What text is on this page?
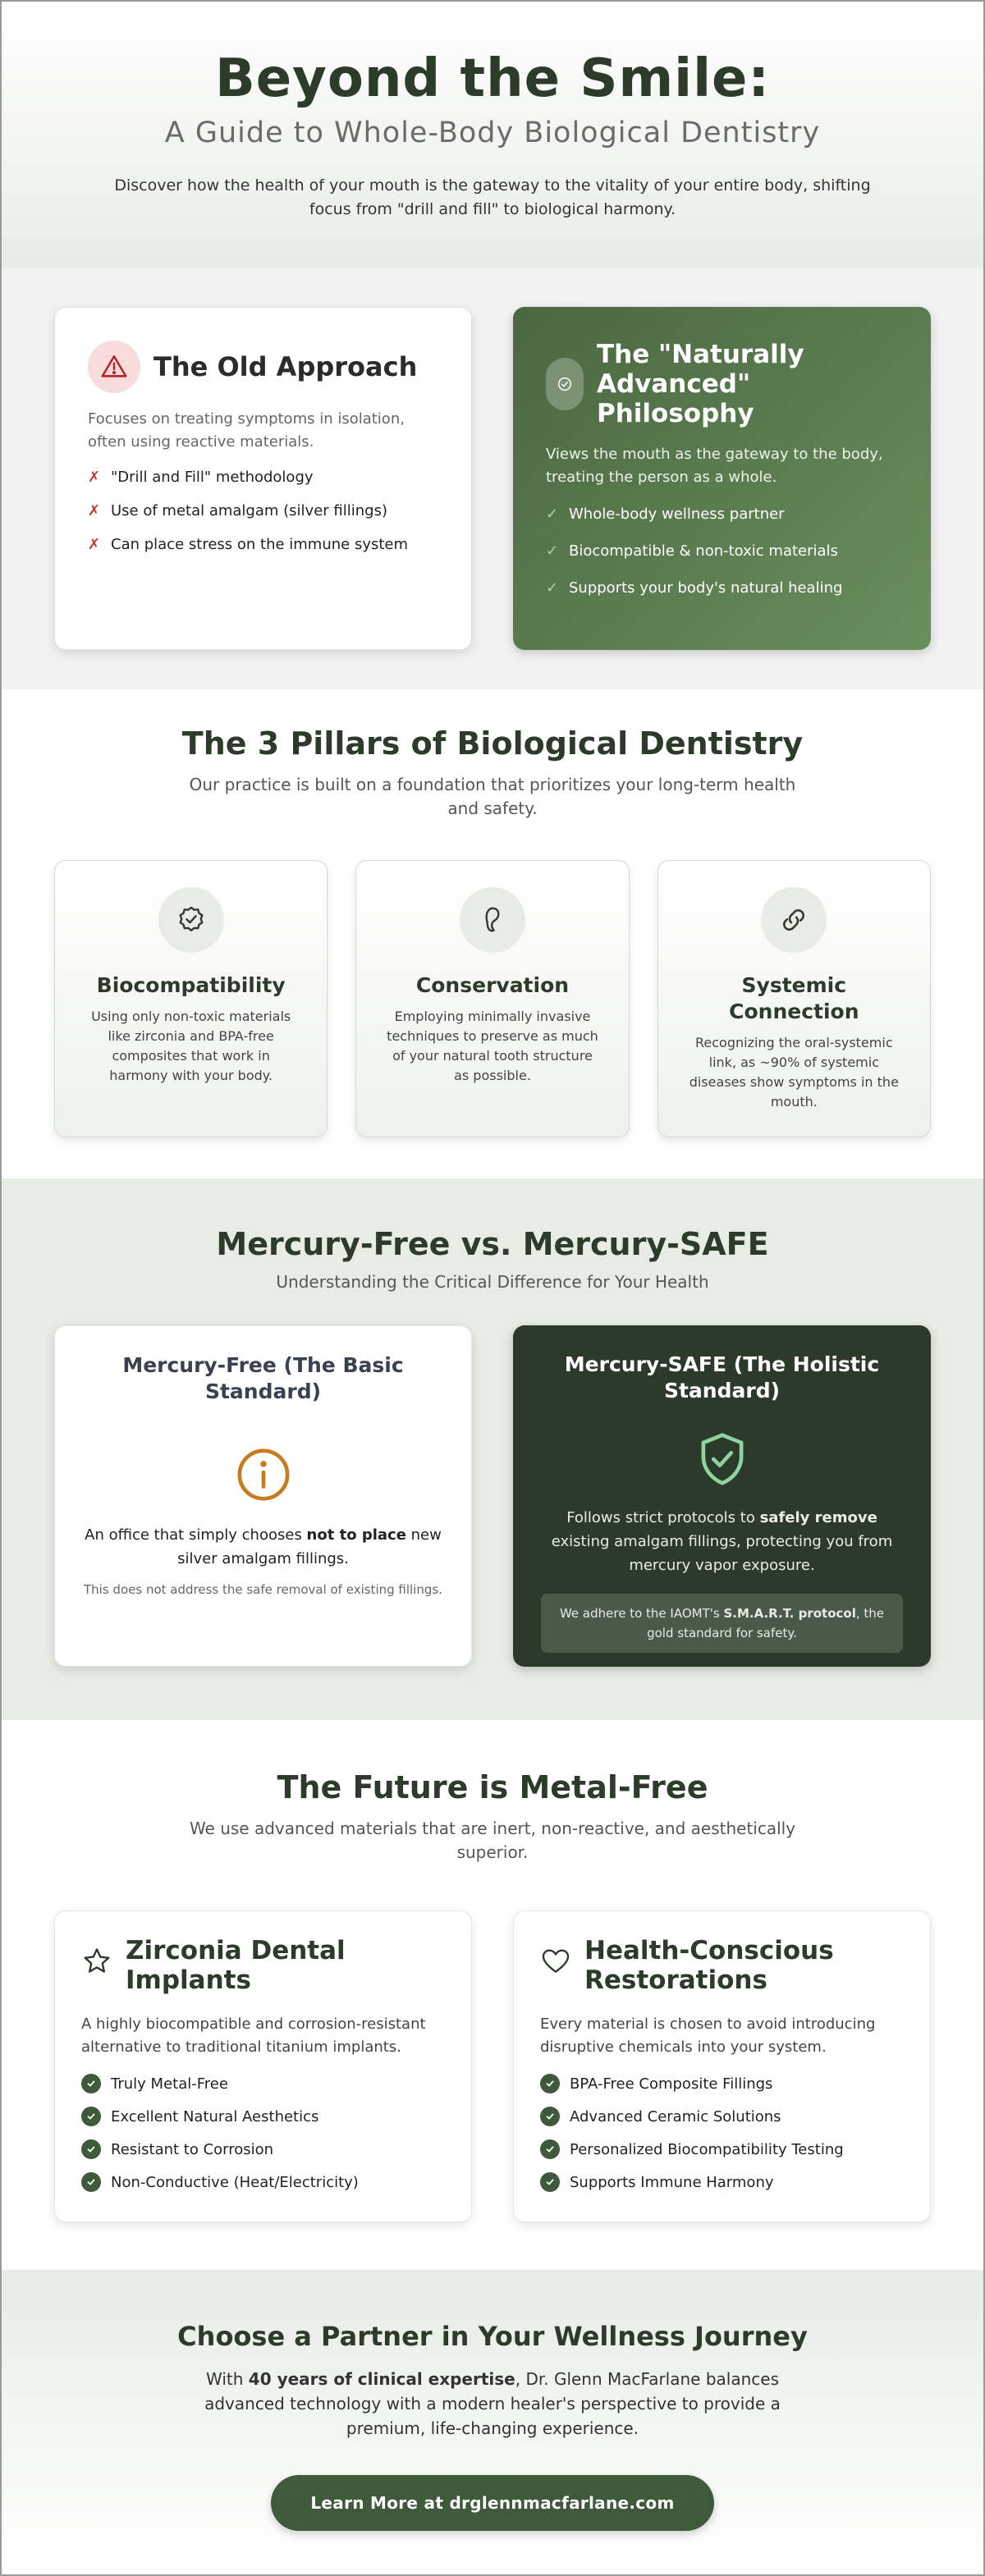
Beyond the Smile:
A Guide to Whole-Body Biological Dentistry

Discover how the health of your mouth is the gateway to the vitality of your entire body, shifting focus from "drill and fill" to biological harmony.

The Old Approach

Focuses on treating symptoms in isolation, often using reactive materials.

✗ "Drill and Fill" methodology
✗ Use of metal amalgam (silver fillings)
✗ Can place stress on the immune system
The "Naturally Advanced" Philosophy

Views the mouth as the gateway to the body, treating the person as a whole.

✓ Whole-body wellness partner
✓ Biocompatible & non-toxic materials
✓ Supports your body's natural healing
The 3 Pillars of Biological Dentistry

Our practice is built on a foundation that prioritizes your long-term health and safety.

Biocompatibility

Using only non-toxic materials like zirconia and BPA-free composites that work in harmony with your body.

Conservation

Employing minimally invasive techniques to preserve as much of your natural tooth structure as possible.

Systemic Connection

Recognizing the oral-systemic link, as ~90% of systemic diseases show symptoms in the mouth.

Mercury-Free vs. Mercury-SAFE

Understanding the Critical Difference for Your Health

Mercury-Free (The Basic Standard)

An office that simply chooses not to place new silver amalgam fillings.

This does not address the safe removal of existing fillings.

Mercury-SAFE (The Holistic Standard)

Follows strict protocols to safely remove existing amalgam fillings, protecting you from mercury vapor exposure.

We adhere to the IAOMT's S.M.A.R.T. protocol, the gold standard for safety.
The Future is Metal-Free

We use advanced materials that are inert, non-reactive, and aesthetically superior.

Zirconia Dental Implants

A highly biocompatible and corrosion-resistant alternative to traditional titanium implants.

Truly Metal-Free
Excellent Natural Aesthetics
Resistant to Corrosion
Non-Conductive (Heat/Electricity)
Health-Conscious Restorations

Every material is chosen to avoid introducing disruptive chemicals into your system.

BPA-Free Composite Fillings
Advanced Ceramic Solutions
Personalized Biocompatibility Testing
Supports Immune Harmony
Choose a Partner in Your Wellness Journey

With 40 years of clinical expertise, Dr. Glenn MacFarlane balances advanced technology with a modern healer's perspective to provide a premium, life-changing experience.

Learn More at drglennmacfarlane.com
